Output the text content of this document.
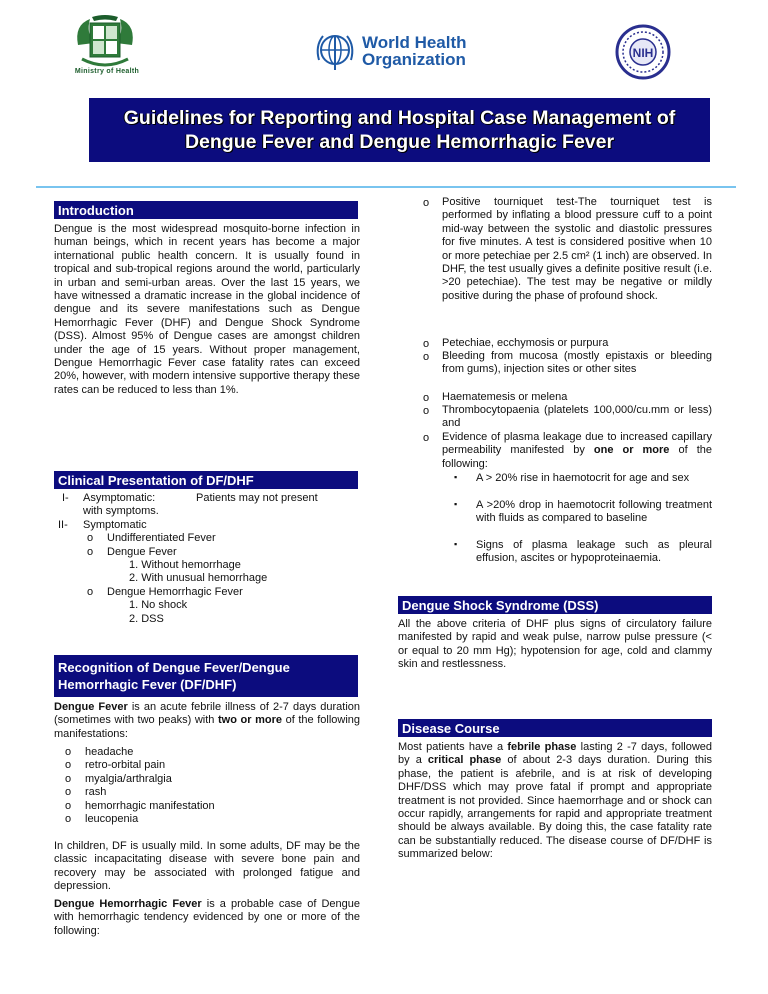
Ministry of Health
World Health
Organization	NIH
Guidelines for Reporting and Hospital Case Management of
Dengue Fever and Dengue Hemorrhagic Fever
Introduction
Dengue is the most widespread mosquito-borne infection in human beings, which in recent years has become a major international public health concern. It is usually found in tropical and sub-tropical regions around the world, particularly in urban and semi-urban areas. Over the last 15 years, we have witnessed a dramatic increase in the global incidence of dengue and its severe manifestations such as Dengue Hemorrhagic Fever (DHF) and Dengue Shock Syndrome (DSS). Almost 95% of Dengue cases are amongst children under the age of 15 years. Without proper management, Dengue Hemorrhagic Fever case fatality rates can exceed 20%, however, with modern intensive supportive therapy these rates can be reduced to less than 1%.
Clinical Presentation of DF/DHF
I- Asymptomatic:	Patients may not present
with symptoms.
II- Symptomatic
o Undifferentiated Fever
o Dengue Fever
1. Without hemorrhage
2. With unusual hemorrhage
o Dengue Hemorrhagic Fever
1. No shock
2. DSS
Recognition of Dengue Fever/Dengue
Hemorrhagic Fever (DF/DHF)
Dengue Fever is an acute febrile illness of 2-7 days duration (sometimes with two peaks) with two or more of the following manifestations:
o headache
o retro-orbital pain
o myalgia/arthralgia
o rash
o hemorrhagic manifestation
o leucopenia
In children, DF is usually mild. In some adults, DF may be the classic incapacitating disease with severe bone pain and recovery may be associated with prolonged fatigue and depression.
Dengue Hemorrhagic Fever is a probable case of Dengue with hemorrhagic tendency evidenced by one or more of the following:
o Positive tourniquet test-The tourniquet test is performed by inflating a blood pressure cuff to a point mid-way between the systolic and diastolic pressures for five minutes. A test is considered positive when 10 or more petechiae per 2.5 cm² (1 inch) are observed. In DHF, the test usually gives a definite positive result (i.e. >20 petechiae). The test may be negative or mildly positive during the phase of profound shock.
o Petechiae, ecchymosis or purpura
o Bleeding from mucosa (mostly epistaxis or bleeding from gums), injection sites or other sites
o Haematemesis or melena
o Thrombocytopaenia (platelets 100,000/cu.mm or less) and
o Evidence of plasma leakage due to increased capillary permeability manifested by one or more of the following:
▪ A > 20% rise in haemotocrit for age and sex
▪ A >20% drop in haemotocrit following treatment with fluids as compared to baseline
▪ Signs of plasma leakage such as pleural effusion, ascites or hypoproteinaemia.
Dengue Shock Syndrome (DSS)
All the above criteria of DHF plus signs of circulatory failure manifested by rapid and weak pulse, narrow pulse pressure (< or equal to 20 mm Hg); hypotension for age, cold and clammy skin and restlessness.
Disease Course
Most patients have a febrile phase lasting 2 -7 days, followed by a critical phase of about 2-3 days duration. During this phase, the patient is afebrile, and is at risk of developing DHF/DSS which may prove fatal if prompt and appropriate treatment is not provided. Since haemorrhage and or shock can occur rapidly, arrangements for rapid and appropriate treatment should be always available. By doing this, the case fatality rate can be substantially reduced. The disease course of DF/DHF is summarized below:
